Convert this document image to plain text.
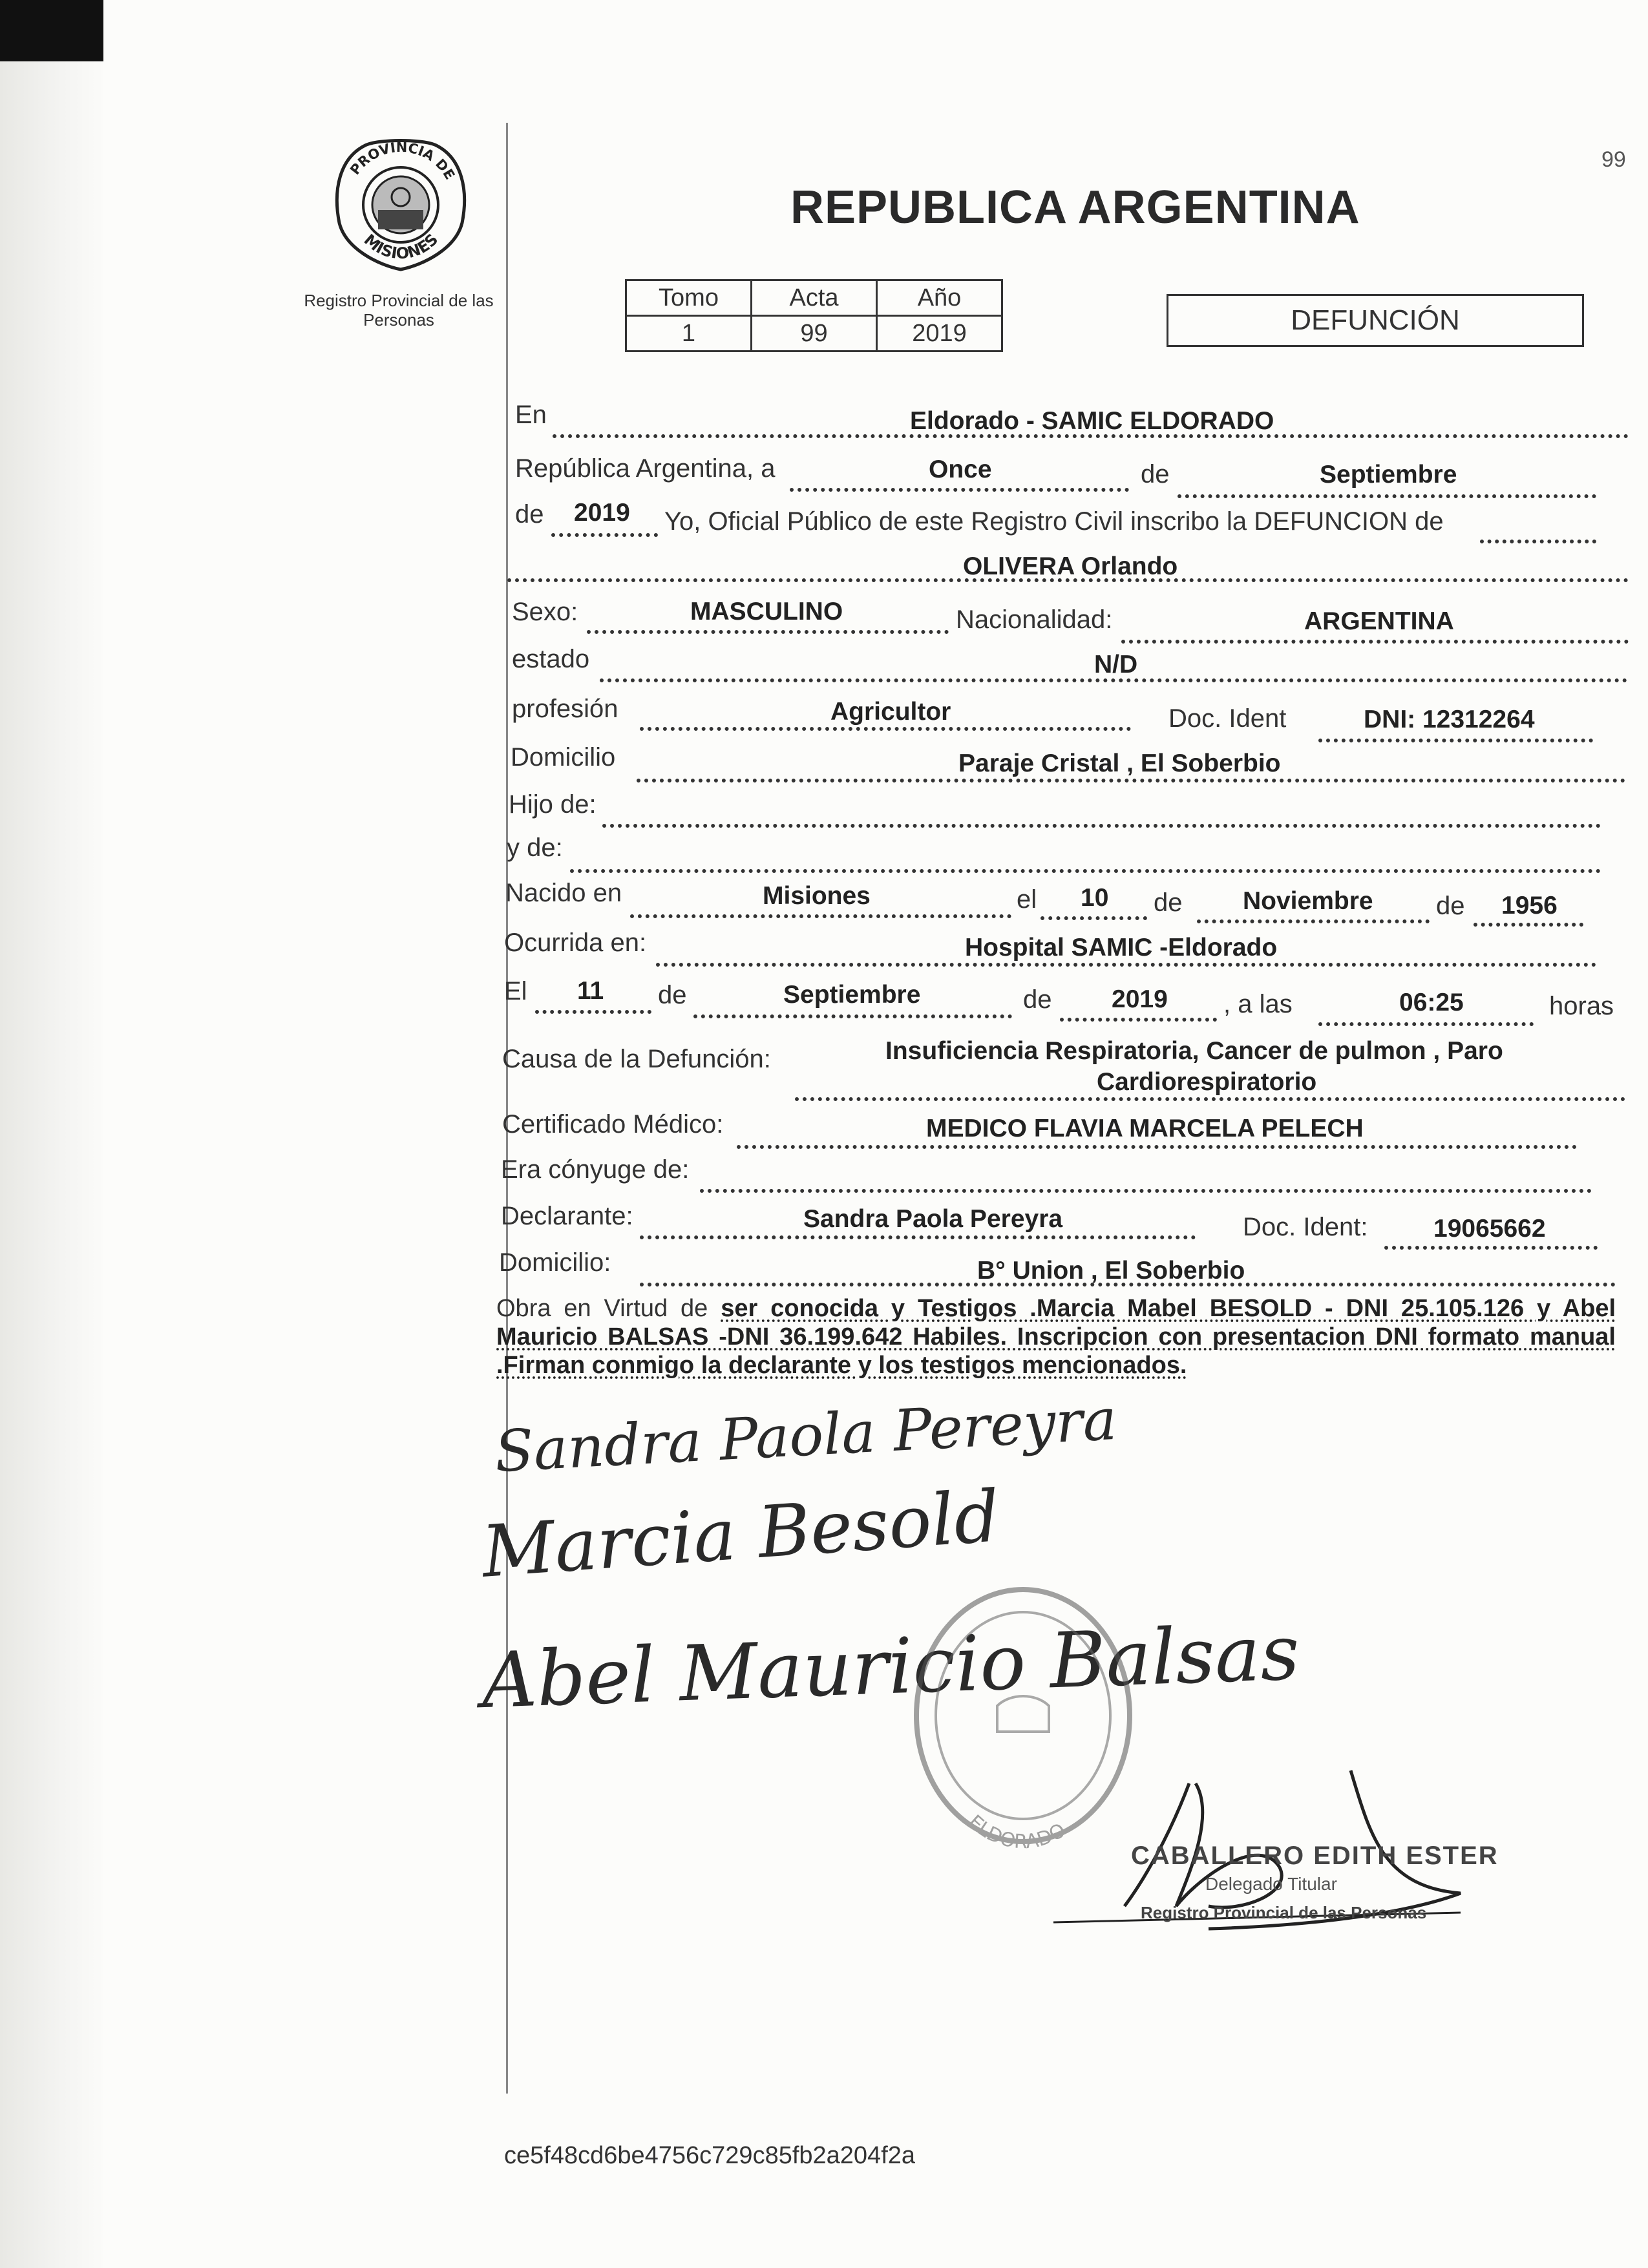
99
PROVINCIA DE
MISIONES
Registro Provincial de las Personas
REPUBLICA ARGENTINA
Tomo	Acta	Año
1	99	2019	DEFUNCIÓN
En	Eldorado - SAMIC ELDORADO
República Argentina, a	Once	de	Septiembre
de 2019 Yo, Oficial Público de este Registro Civil inscribo la DEFUNCION de
OLIVERA Orlando
Sexo:	MASCULINO	Nacionalidad:	ARGENTINA
estado	N/D
profesión	Agricultor	Doc. Ident	DNI: 12312264
Domicilio	Paraje Cristal , El Soberbio
Hijo de:
y de:
Nacido en	Misiones	el 10 de Noviembre de 1956
Ocurrida en:	Hospital SAMIC -Eldorado
El 11 de	Septiembre	de 2019 , a las	06:25	horas
Causa de la Defunción:	Insuficiencia Respiratoria, Cancer de pulmon , Paro
Cardiorespiratorio
Certificado Médico:	MEDICO FLAVIA MARCELA PELECH
Era cónyuge de:
Declarante:	Sandra Paola Pereyra	Doc. Ident:	19065662
Domicilio:	B° Union , El Soberbio
Obra en Virtud de ser conocida y Testigos .Marcia Mabel BESOLD - DNI 25.105.126 y Abel Mauricio BALSAS -DNI 36.199.642 Habiles. Inscripcion con presentacion DNI formato manual .Firman conmigo la declarante y los testigos mencionados.
Sandra Paola Pereyra
Marcia Besold
Abel Mauricio Balsas
ELDORADO
CABALLERO EDITH ESTER
Delegado Titular
Registro Provincial de las Personas
ce5f48cd6be4756c729c85fb2a204f2a
